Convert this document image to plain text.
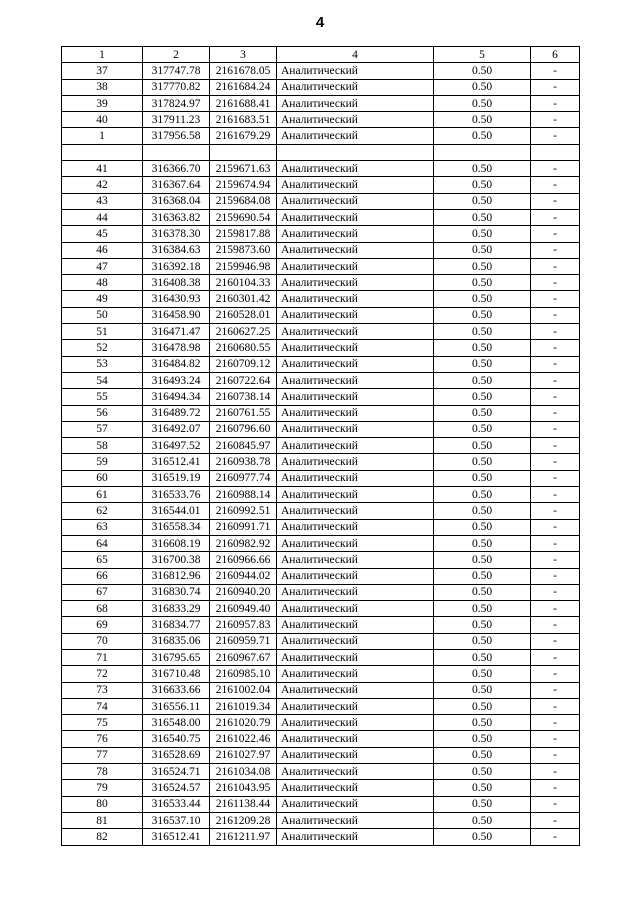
4
1	2	3	4	5	6
37	317747.78	2161678.05	Аналитический	0.50	-
38	317770.82	2161684.24	Аналитический	0.50	-
39	317824.97	2161688.41	Аналитический	0.50	-
40	317911.23	2161683.51	Аналитический	0.50	-
1	317956.58	2161679.29	Аналитический	0.50	-

41	316366.70	2159671.63	Аналитический	0.50	-
42	316367.64	2159674.94	Аналитический	0.50	-
43	316368.04	2159684.08	Аналитический	0.50	-
44	316363.82	2159690.54	Аналитический	0.50	-
45	316378.30	2159817.88	Аналитический	0.50	-
46	316384.63	2159873.60	Аналитический	0.50	-
47	316392.18	2159946.98	Аналитический	0.50	-
48	316408.38	2160104.33	Аналитический	0.50	-
49	316430.93	2160301.42	Аналитический	0.50	-
50	316458.90	2160528.01	Аналитический	0.50	-
51	316471.47	2160627.25	Аналитический	0.50	-
52	316478.98	2160680.55	Аналитический	0.50	-
53	316484.82	2160709.12	Аналитический	0.50	-
54	316493.24	2160722.64	Аналитический	0.50	-
55	316494.34	2160738.14	Аналитический	0.50	-
56	316489.72	2160761.55	Аналитический	0.50	-
57	316492.07	2160796.60	Аналитический	0.50	-
58	316497.52	2160845.97	Аналитический	0.50	-
59	316512.41	2160938.78	Аналитический	0.50	-
60	316519.19	2160977.74	Аналитический	0.50	-
61	316533.76	2160988.14	Аналитический	0.50	-
62	316544.01	2160992.51	Аналитический	0.50	-
63	316558.34	2160991.71	Аналитический	0.50	-
64	316608.19	2160982.92	Аналитический	0.50	-
65	316700.38	2160966.66	Аналитический	0.50	-
66	316812.96	2160944.02	Аналитический	0.50	-
67	316830.74	2160940.20	Аналитический	0.50	-
68	316833.29	2160949.40	Аналитический	0.50	-
69	316834.77	2160957.83	Аналитический	0.50	-
70	316835.06	2160959.71	Аналитический	0.50	-
71	316795.65	2160967.67	Аналитический	0.50	-
72	316710.48	2160985.10	Аналитический	0.50	-
73	316633.66	2161002.04	Аналитический	0.50	-
74	316556.11	2161019.34	Аналитический	0.50	-
75	316548.00	2161020.79	Аналитический	0.50	-
76	316540.75	2161022.46	Аналитический	0.50	-
77	316528.69	2161027.97	Аналитический	0.50	-
78	316524.71	2161034.08	Аналитический	0.50	-
79	316524.57	2161043.95	Аналитический	0.50	-
80	316533.44	2161138.44	Аналитический	0.50	-
81	316537.10	2161209.28	Аналитический	0.50	-
82	316512.41	2161211.97	Аналитический	0.50	-
